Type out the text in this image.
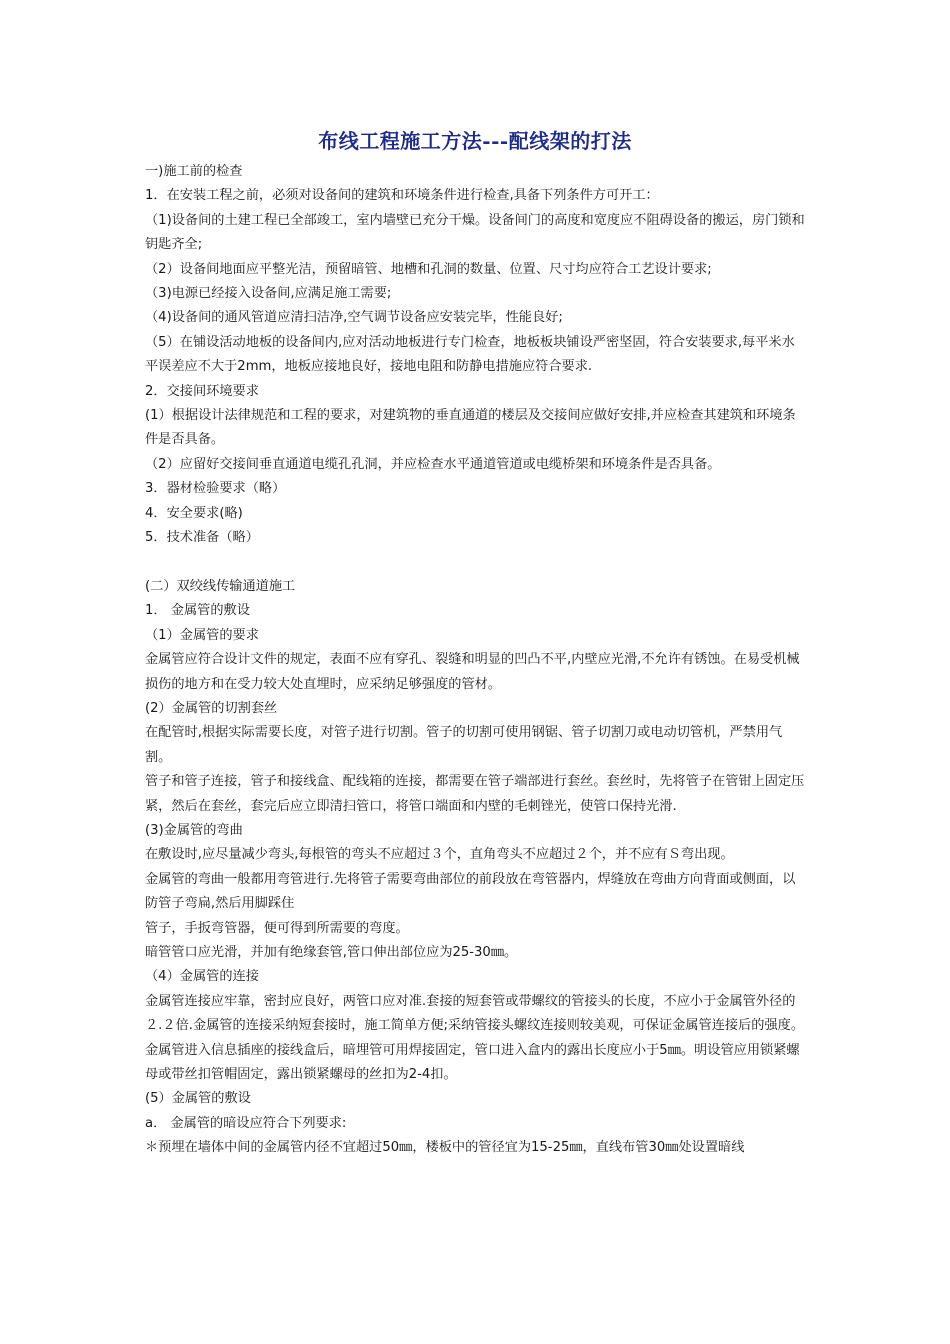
布线工程施工方法---配线架的打法

一)施工前的检查

1．在安装工程之前，必须对设备间的建筑和环境条件进行检查,具备下列条件方可开工：

（1)设备间的土建工程已全部竣工，室内墙壁已充分干燥。设备间门的高度和宽度应不阻碍设备的搬运，房门锁和钥匙齐全;

（2）设备间地面应平整光洁，预留暗管、地槽和孔洞的数量、位置、尺寸均应符合工艺设计要求;

（3)电源已经接入设备间,应满足施工需要;

（4)设备间的通风管道应清扫洁净,空气调节设备应安装完毕，性能良好;

（5）在铺设活动地板的设备间内,应对活动地板进行专门检查，地板板块铺设严密坚固，符合安装要求,每平米水平误差应不大于2mm，地板应接地良好，接地电阻和防静电措施应符合要求.

2．交接间环境要求

(1）根据设计法律规范和工程的要求，对建筑物的垂直通道的楼层及交接间应做好安排,并应检查其建筑和环境条件是否具备。

（2）应留好交接间垂直通道电缆孔孔洞，并应检查水平通道管道或电缆桥架和环境条件是否具备。

3．器材检验要求（略）

4．安全要求(略)

5．技术准备（略）

(二）双绞线传输通道施工

1． 金属管的敷设

（1）金属管的要求

金属管应符合设计文件的规定，表面不应有穿孔、裂缝和明显的凹凸不平,内壁应光滑,不允许有锈蚀。在易受机械损伤的地方和在受力较大处直埋时，应采纳足够强度的管材。

(2）金属管的切割套丝

在配管时,根据实际需要长度，对管子进行切割。管子的切割可使用钢锯、管子切割刀或电动切管机，严禁用气割。

管子和管子连接，管子和接线盒、配线箱的连接，都需要在管子端部进行套丝。套丝时，先将管子在管钳上固定压紧，然后在套丝，套完后应立即清扫管口，将管口端面和内壁的毛刺锉光，使管口保持光滑.

(3)金属管的弯曲

在敷设时,应尽量减少弯头,每根管的弯头不应超过３个，直角弯头不应超过２个，并不应有Ｓ弯出现。

金属管的弯曲一般都用弯管进行.先将管子需要弯曲部位的前段放在弯管器内，焊缝放在弯曲方向背面或侧面，以防管子弯扁,然后用脚踩住

管子，手扳弯管器，便可得到所需要的弯度。

暗管管口应光滑，并加有绝缘套管,管口伸出部位应为25-30㎜。

（4）金属管的连接

金属管连接应牢靠，密封应良好，两管口应对准.套接的短套管或带螺纹的管接头的长度，不应小于金属管外径的２.２倍.金属管的连接采纳短套接时，施工简单方便;采纳管接头螺纹连接则较美观，可保证金属管连接后的强度。

金属管进入信息插座的接线盒后，暗埋管可用焊接固定，管口进入盒内的露出长度应小于5㎜。明设管应用锁紧螺母或带丝扣管帽固定，露出锁紧螺母的丝扣为2-4扣。

(5）金属管的敷设

a． 金属管的暗设应符合下列要求:

＊预埋在墙体中间的金属管内径不宜超过50㎜，楼板中的管径宜为15-25㎜，直线布管30㎜处设置暗线
